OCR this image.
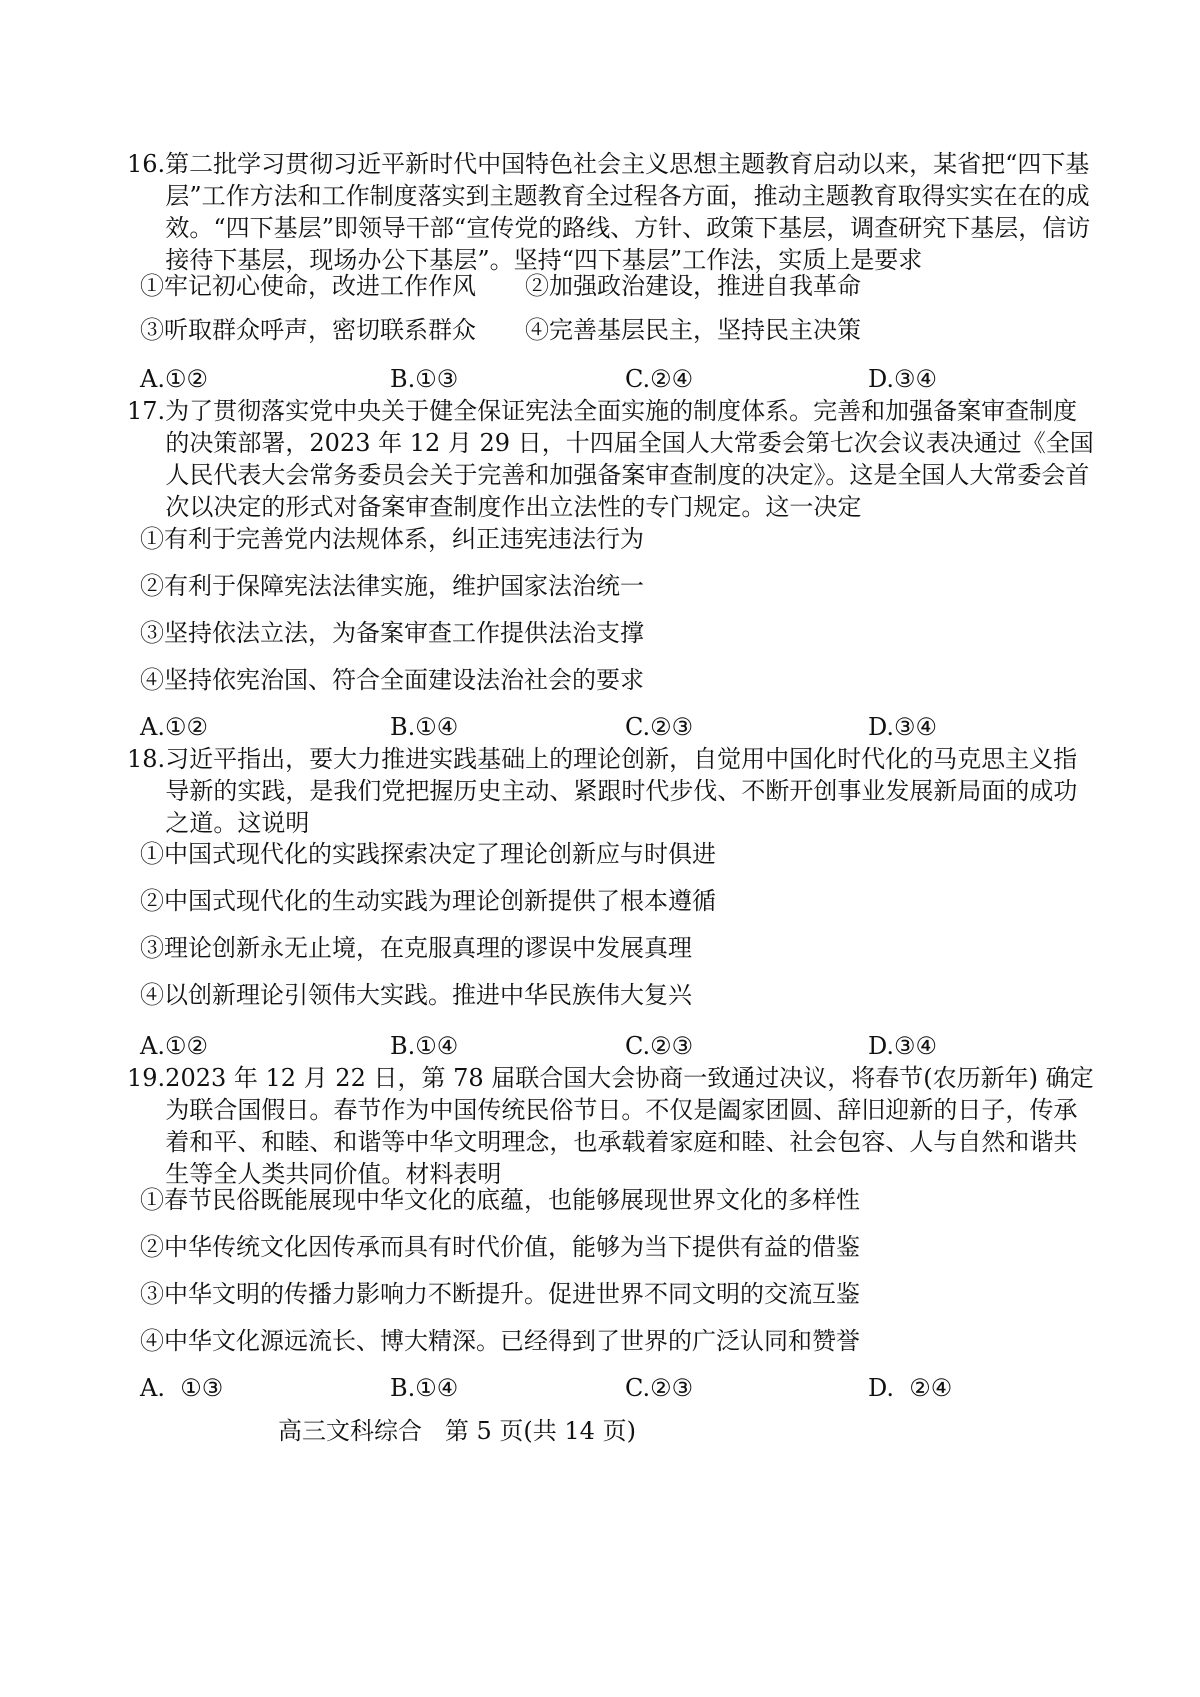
16.第二批学习贯彻习近平新时代中国特色社会主义思想主题教育启动以来，某省把“四下基层”工作方法和工作制度落实到主题教育全过程各方面，推动主题教育取得实实在在的成效。“四下基层”即领导干部“宣传党的路线、方针、政策下基层，调查研究下基层，信访接待下基层，现场办公下基层”。坚持“四下基层”工作法，实质上是要求
①牢记初心使命，改进工作作风 ②加强政治建设，推进自我革命
③听取群众呼声，密切联系群众 ④完善基层民主，坚持民主决策
A.①②	B.①③	C.②④	D.③④
17.为了贯彻落实党中央关于健全保证宪法全面实施的制度体系。完善和加强备案审查制度的决策部署，2023 年 12 月 29 日，十四届全国人大常委会第七次会议表决通过《全国人民代表大会常务委员会关于完善和加强备案审查制度的决定》。这是全国人大常委会首次以决定的形式对备案审查制度作出立法性的专门规定。这一决定
①有利于完善党内法规体系，纠正违宪违法行为
②有利于保障宪法法律实施，维护国家法治统一
③坚持依法立法，为备案审查工作提供法治支撑
④坚持依宪治国、符合全面建设法治社会的要求
A.①②	B.①④	C.②③	D.③④
18.习近平指出，要大力推进实践基础上的理论创新，自觉用中国化时代化的马克思主义指导新的实践，是我们党把握历史主动、紧跟时代步伐、不断开创事业发展新局面的成功之道。这说明
①中国式现代化的实践探索决定了理论创新应与时俱进
②中国式现代化的生动实践为理论创新提供了根本遵循
③理论创新永无止境，在克服真理的谬误中发展真理
④以创新理论引领伟大实践。推进中华民族伟大复兴
A.①②	B.①④	C.②③	D.③④
19.2023 年 12 月 22 日，第 78 届联合国大会协商一致通过决议，将春节(农历新年) 确定为联合国假日。春节作为中国传统民俗节日。不仅是阖家团圆、辞旧迎新的日子，传承着和平、和睦、和谐等中华文明理念，也承载着家庭和睦、社会包容、人与自然和谐共生等全人类共同价值。材料表明
①春节民俗既能展现中华文化的底蕴，也能够展现世界文化的多样性
②中华传统文化因传承而具有时代价值，能够为当下提供有益的借鉴
③中华文明的传播力影响力不断提升。促进世界不同文明的交流互鉴
④中华文化源远流长、博大精深。已经得到了世界的广泛认同和赞誉
A.  ①③	B.①④	C.②③	D.  ②④
高三文科综合   第 5 页(共 14 页)
